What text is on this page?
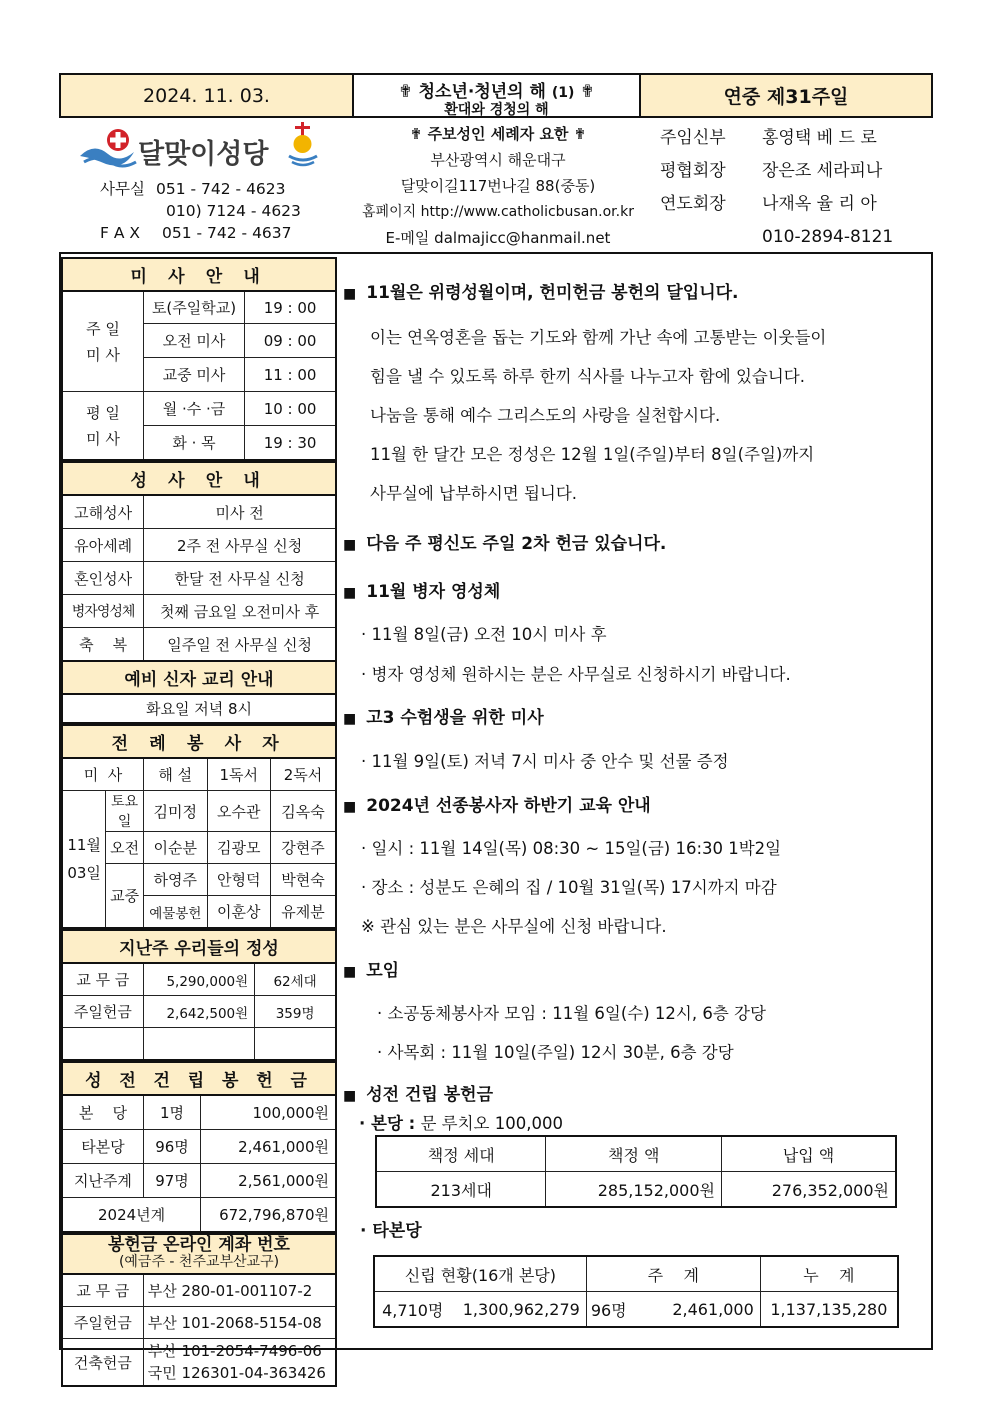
2024. 11. 03.	✟ 청소년·청년의 해 (1) ✟
환대와 경청의 해
연중 제31주일
달맞이성당
사무실 051 - 742 - 4623
010) 7124 - 4623
F A X 051 - 742 - 4637
✟ 주보성인 세례자 요한 ✟
부산광역시 해운대구
달맞이길117번나길 88(중동)
홈페이지 http://www.catholicbusan.or.kr
E-메일 dalmajicc@hanmail.net
주임신부 홍영택 베 드 로
평협회장 장은조 세라피나
연도회장 나재옥 율 리 아
010-2894-8121
미 사 안 내		
주 일
미 사	토(주일학교)	19 : 00
	오전 미사	09 : 00
	교중 미사	11 : 00
평 일
미 사	월 ·수 ·금	10 : 00
	화 · 목	19 : 30
성 사 안 내	
고해성사	미사 전
유아세례	2주 전 사무실 신청
혼인성사	한달 전 사무실 신청
병자영성체	첫째 금요일 오전미사 후
축    복	일주일 전 사무실 신청
예비 신자 교리 안내	
화요일 저녁 8시	
전 례 봉 사 자				
미  사		해 설	1독서	2독서
11월
03일	토요일	김미정	오수관	김옥숙
	오전	이순분	김광모	강현주
	교중	하영주	안형덕	박현숙
		예물봉헌	이훈상	유제분
지난주 우리들의 정성		
교 무 금	5,290,000원	62세대
주일헌금	2,642,500원	359명

성 전 건 립 봉 헌 금		
본    당	1명	100,000원
타본당	96명	2,461,000원
지난주계	97명	2,561,000원
2024년계		672,796,870원
봉헌금 온라인 계좌 번호
(예금주 - 천주교부산교구)	

교 무 금	부산 280-01-001107-2
주일헌금	부산 101-2068-5154-08
건축헌금	부산 101-2054-7496-06
국민 126301-04-363426

■ 11월은 위령성월이며, 헌미헌금 봉헌의 달입니다.

이는 연옥영혼을 돕는 기도와 함께 가난 속에 고통받는 이웃들이
힘을 낼 수 있도록 하루 한끼 식사를 나누고자 함에 있습니다.
나눔을 통해 예수 그리스도의 사랑을 실천합시다.
11월 한 달간 모은 정성은 12월 1일(주일)부터 8일(주일)까지
사무실에 납부하시면 됩니다.

■ 다음 주 평신도 주일 2차 헌금 있습니다.

■ 11월 병자 영성체

· 11월 8일(금) 오전 10시 미사 후
· 병자 영성체 원하시는 분은 사무실로 신청하시기 바랍니다.

■ 고3 수험생을 위한 미사

· 11월 9일(토) 저녁 7시 미사 중 안수 및 선물 증정

■ 2024년 선종봉사자 하반기 교육 안내

· 일시 : 11월 14일(목) 08:30 ~ 15일(금) 16:30 1박2일
· 장소 : 성분도 은혜의 집 / 10월 31일(목) 17시까지 마감
※ 관심 있는 분은 사무실에 신청 바랍니다.

■ 모임

· 소공동체봉사자 모임 : 11월 6일(수) 12시, 6층 강당
· 사목회 : 11월 10일(주일) 12시 30분, 6층 강당

■ 성전 건립 봉헌금

· 본당 : 문 루치오 100,000
책정 세대	책정 액	납입 액
213세대	285,152,000원	276,352,000원
· 타본당
신립 현황(16개 본당)		주    계		누    계
4,710명	1,300,962,279	96명	2,461,000	1,137,135,280
